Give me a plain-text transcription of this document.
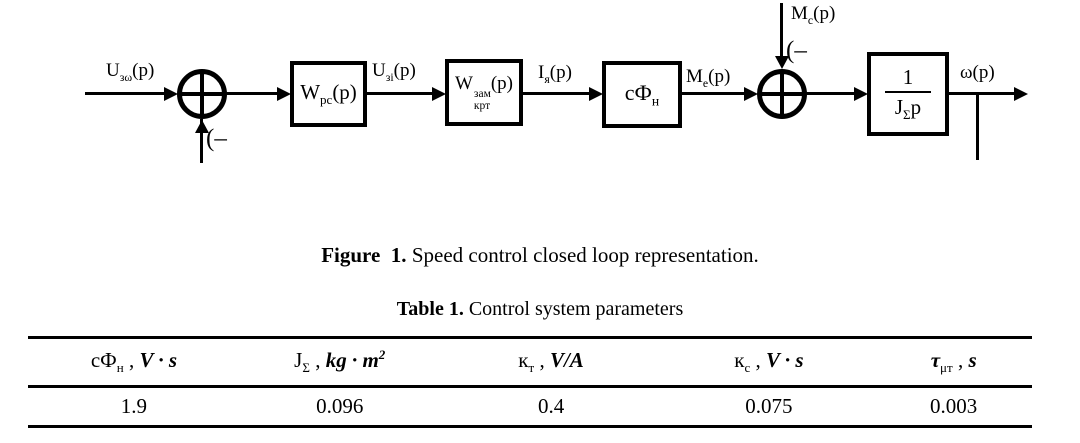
(–
(–
$W_{рс}(p)$	W зам
крт
(p)	$cФ_н$	$\frac{1}{J_\Sigma p}$
$U_{з\omega}(p)$	$U_{зi}(p)$	$I_я(p)$	$M_e(p)$
$M_c(p)$
ω(p)
Figure  1. Speed control closed loop representation.
Table 1. Control system parameters
$cФ_н$ , V · s	$J_\Sigma$ , kg · $m^2$	$к_т$ , V/A	$к_с$ , V · s	$\tau_{\mu т}$ , s
1.9	0.096	0.4	0.075	0.003
